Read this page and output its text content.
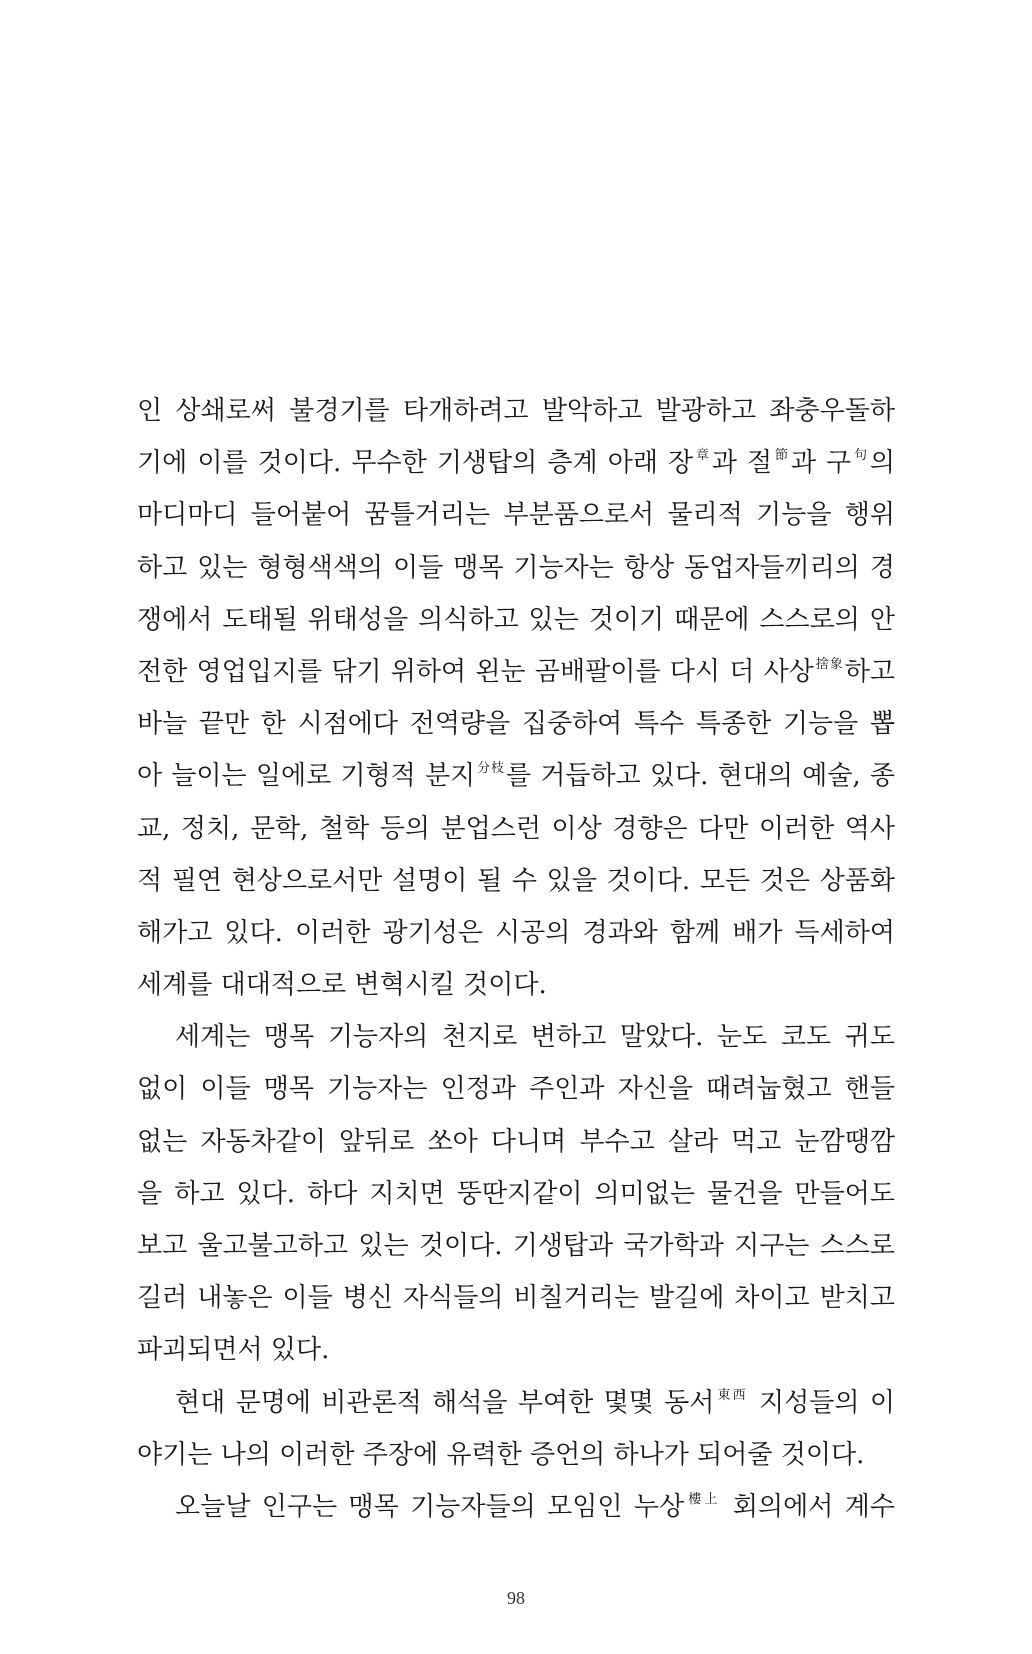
인 상쇄로써 불경기를 타개하려고 발악하고 발광하고 좌충우돌하
기에 이를 것이다. 무수한 기생탑의 층계 아래 장$^章$과 절$^節$과 구$^句$의
마디마디 들어붙어 꿈틀거리는 부분품으로서 물리적 기능을 행위
하고 있는 형형색색의 이들 맹목 기능자는 항상 동업자들끼리의 경
쟁에서 도태될 위태성을 의식하고 있는 것이기 때문에 스스로의 안
전한 영업입지를 닦기 위하여 왼눈 곰배팔이를 다시 더 사상$^{捨象}$하고
바늘 끝만 한 시점에다 전역량을 집중하여 특수 특종한 기능을 뽑
아 늘이는 일에로 기형적 분지$^{分枝}$를 거듭하고 있다. 현대의 예술, 종
교, 정치, 문학, 철학 등의 분업스런 이상 경향은 다만 이러한 역사
적 필연 현상으로서만 설명이 될 수 있을 것이다. 모든 것은 상품화
해가고 있다. 이러한 광기성은 시공의 경과와 함께 배가 득세하여
세계를 대대적으로 변혁시킬 것이다.
세계는 맹목 기능자의 천지로 변하고 말았다. 눈도 코도 귀도
없이 이들 맹목 기능자는 인정과 주인과 자신을 때려눕혔고 핸들
없는 자동차같이 앞뒤로 쏘아 다니며 부수고 살라 먹고 눈깜땡깜
을 하고 있다. 하다 지치면 뚱딴지같이 의미없는 물건을 만들어도
보고 울고불고하고 있는 것이다. 기생탑과 국가학과 지구는 스스로
길러 내놓은 이들 병신 자식들의 비칠거리는 발길에 차이고 받치고
파괴되면서 있다.
현대 문명에 비관론적 해석을 부여한 몇몇 동서$^{東西}$ 지성들의 이
야기는 나의 이러한 주장에 유력한 증언의 하나가 되어줄 것이다.
오늘날 인구는 맹목 기능자들의 모임인 누상$^{樓上}$ 회의에서 계수
98
